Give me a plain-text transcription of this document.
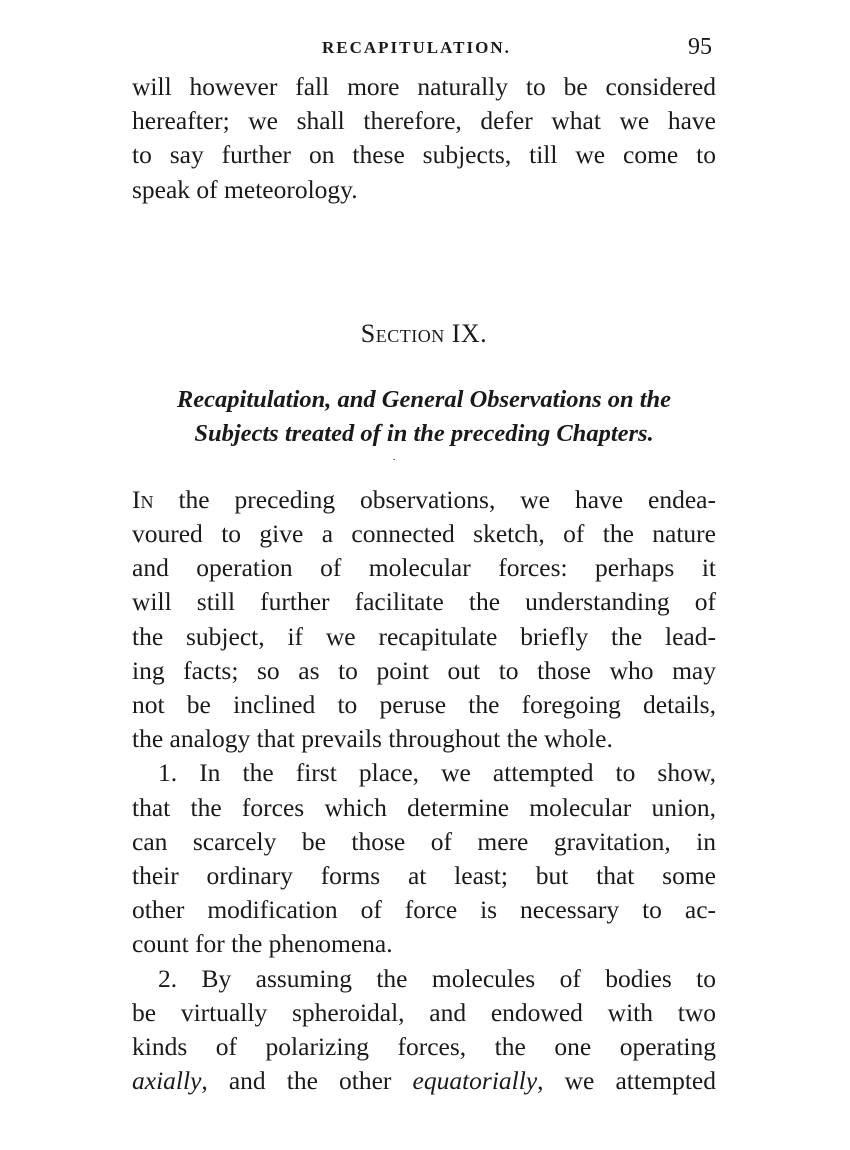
RECAPITULATION.	95

will however fall more naturally to be considered
hereafter; we shall therefore, defer what we have
to say further on these subjects, till we come to
speak of meteorology.

Section IX.
Recapitulation, and General Observations on the
Subjects treated of in the preceding Chapters.
·

In the preceding observations, we have endea-
voured to give a connected sketch, of the nature
and operation of molecular forces: perhaps it
will still further facilitate the understanding of
the subject, if we recapitulate briefly the lead-
ing facts; so as to point out to those who may
not be inclined to peruse the foregoing details,
the analogy that prevails throughout the whole.

1. In the first place, we attempted to show,
that the forces which determine molecular union,
can scarcely be those of mere gravitation, in
their ordinary forms at least; but that some
other modification of force is necessary to ac-
count for the phenomena.

2. By assuming the molecules of bodies to
be virtually spheroidal, and endowed with two
kinds of polarizing forces, the one operating
axially, and the other equatorially, we attempted
